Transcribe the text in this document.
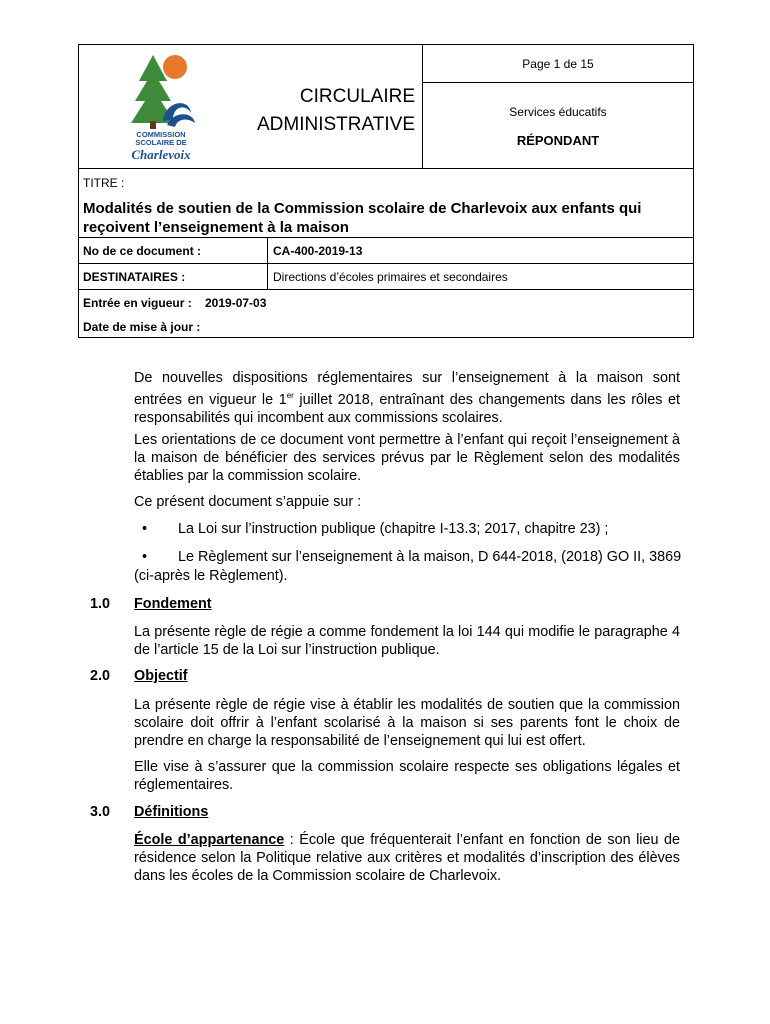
COMMISSION
SCOLAIRE DE
Charlevoix
CIRCULAIRE
ADMINISTRATIVE
Page 1 de 15
Services éducatifs
RÉPONDANT
TITRE :
Modalités de soutien de la Commission scolaire de Charlevoix aux enfants qui reçoivent l’enseignement à la maison
No de ce document :	CA-400-2019-13
DESTINATAIRES :	Directions d’écoles primaires et secondaires
Entrée en vigueur : 2019-07-03
Date de mise à jour :
De nouvelles dispositions réglementaires sur l’enseignement à la maison sont entrées en vigueur le 1er juillet 2018, entraînant des changements dans les rôles et responsabilités qui incombent aux commissions scolaires.
Les orientations de ce document vont permettre à l’enfant qui reçoit l’enseignement à la maison de bénéficier des services prévus par le Règlement selon des modalités établies par la commission scolaire.
Ce présent document s’appuie sur :
• La Loi sur l’instruction publique (chapitre I-13.3; 2017, chapitre 23) ;
• Le Règlement sur l’enseignement à la maison, D 644-2018, (2018) GO II, 3869
(ci-après le Règlement).
1.0 Fondement
La présente règle de régie a comme fondement la loi 144 qui modifie le paragraphe 4 de l’article 15 de la Loi sur l’instruction publique.
2.0 Objectif
La présente règle de régie vise à établir les modalités de soutien que la commission scolaire doit offrir à l’enfant scolarisé à la maison si ses parents font le choix de prendre en charge la responsabilité de l’enseignement qui lui est offert.
Elle vise à s’assurer que la commission scolaire respecte ses obligations légales et réglementaires.
3.0 Définitions
École d’appartenance : École que fréquenterait l’enfant en fonction de son lieu de résidence selon la Politique relative aux critères et modalités d’inscription des élèves dans les écoles de la Commission scolaire de Charlevoix.
